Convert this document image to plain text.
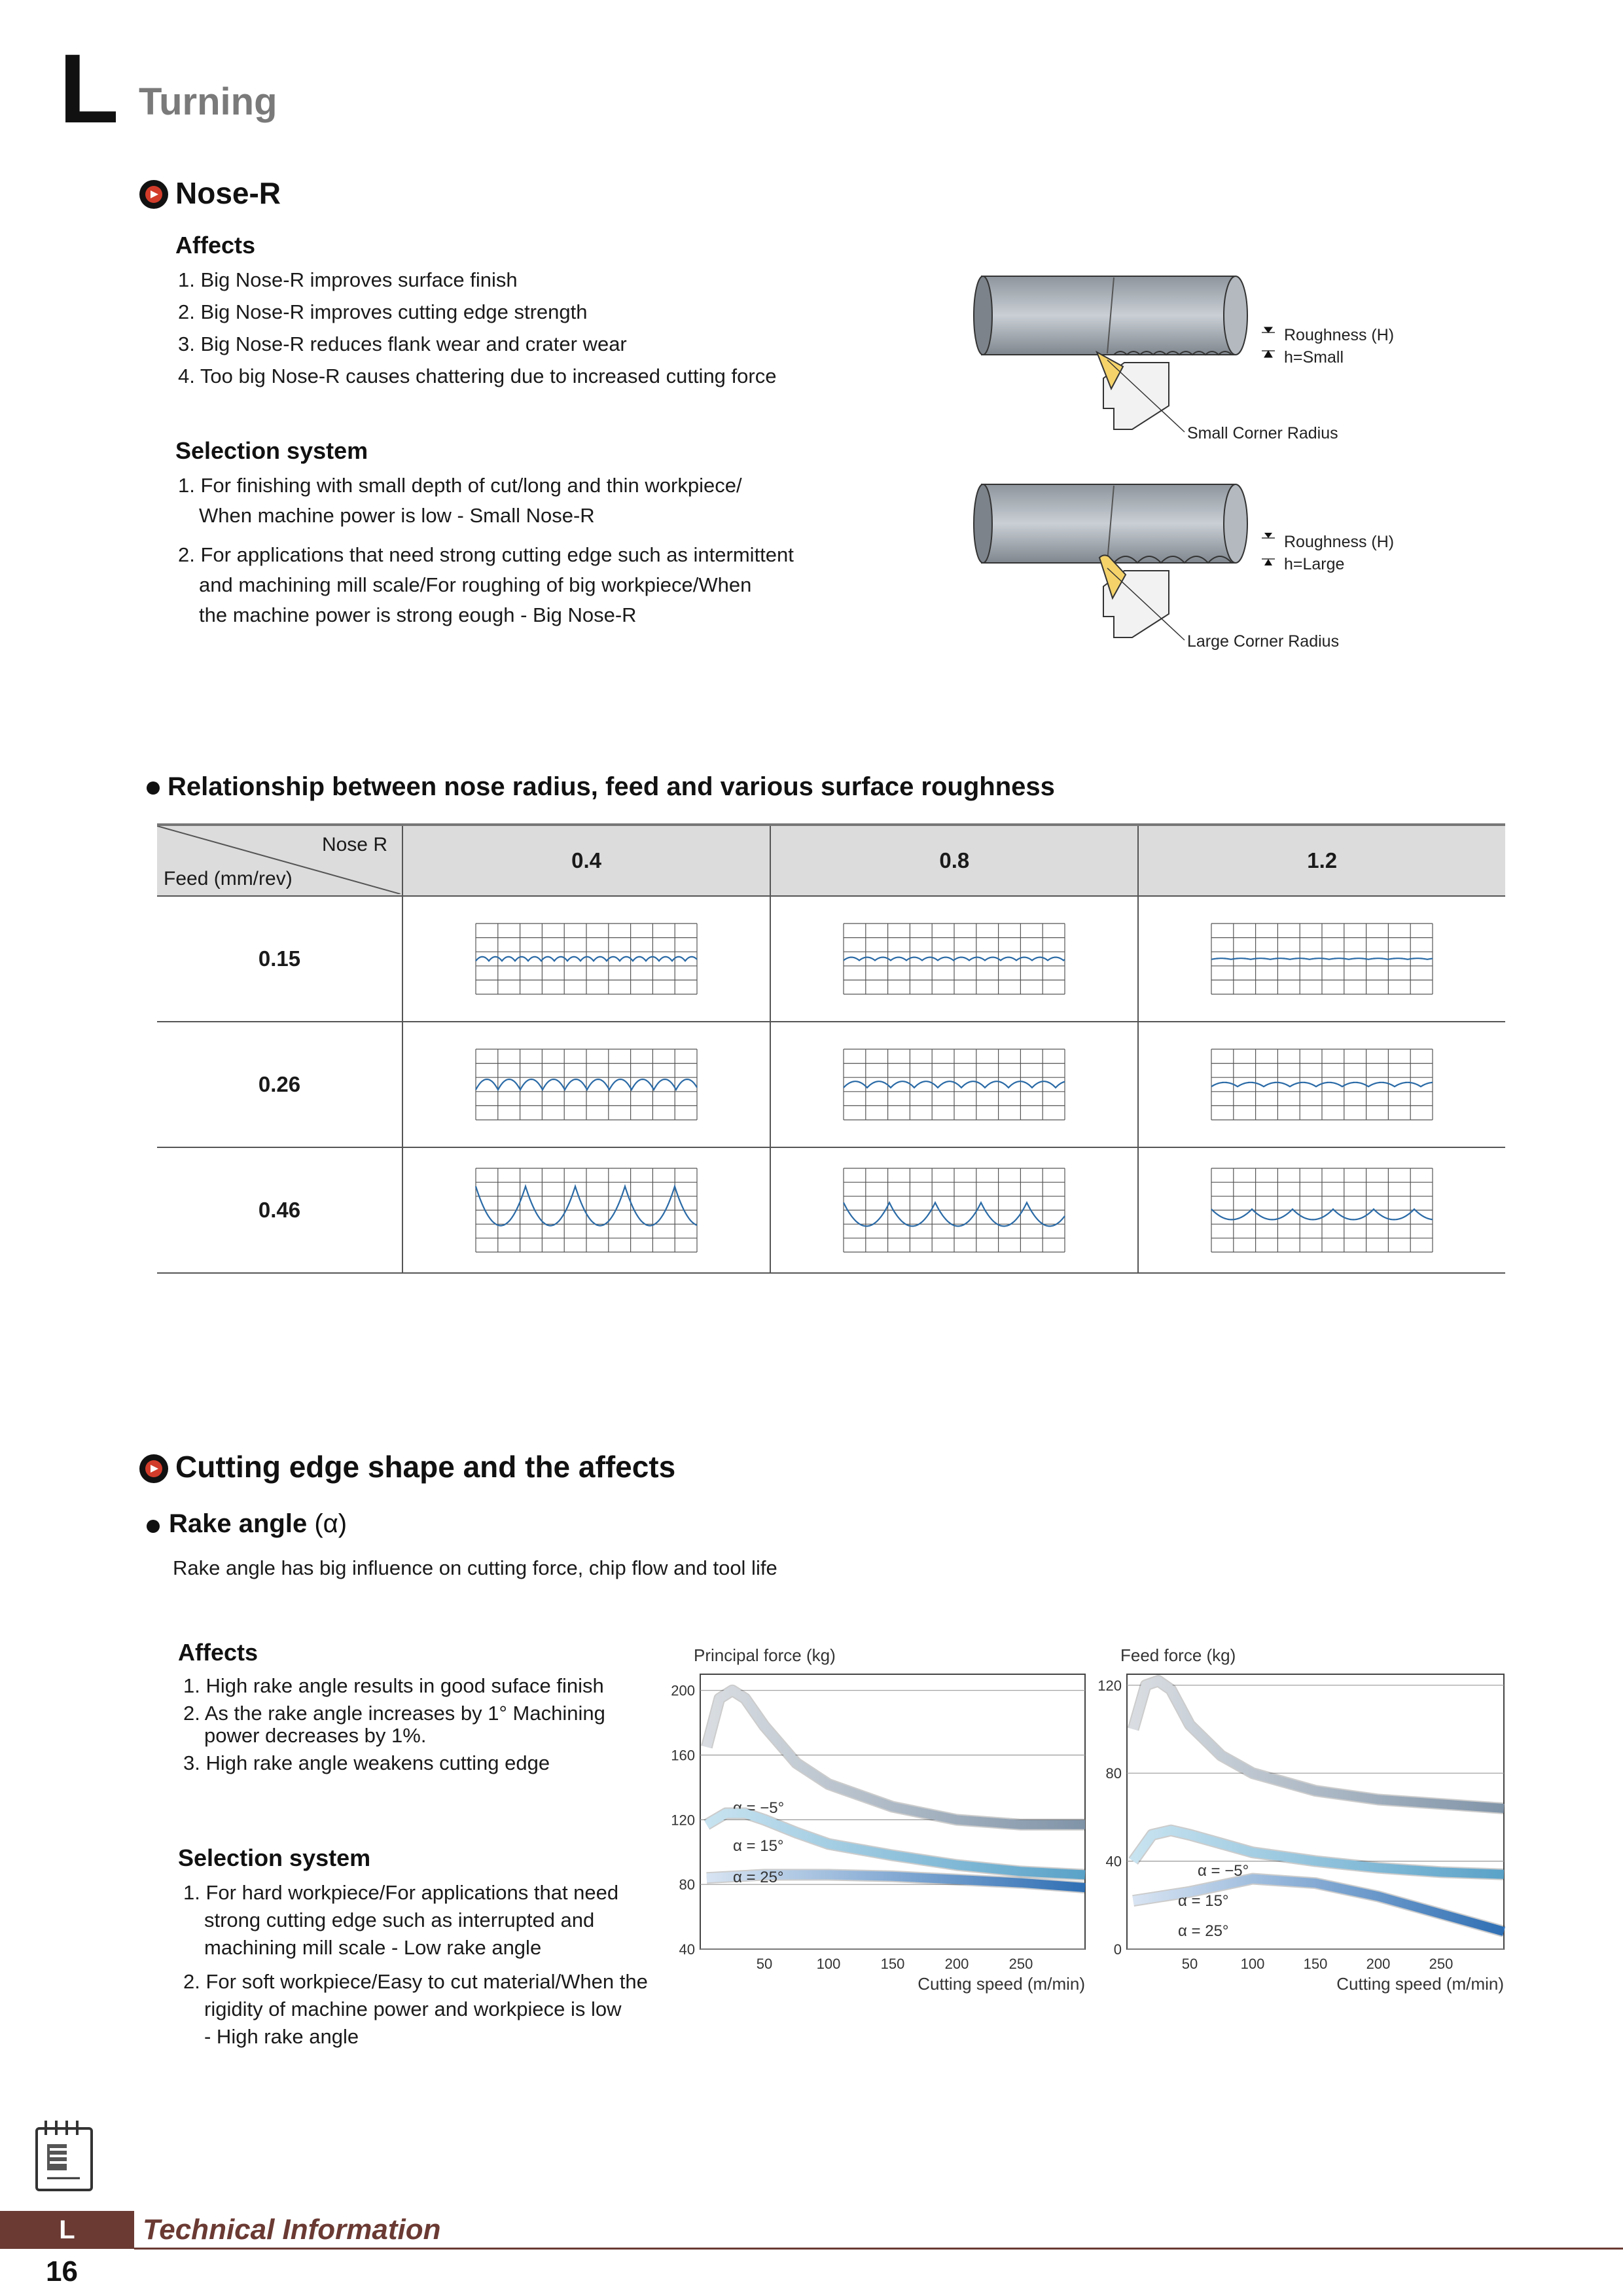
L Turning
Nose-R
Affects
1. Big Nose-R improves surface finish
2. Big Nose-R improves cutting edge strength
3. Big Nose-R reduces flank wear and crater wear
4. Too big Nose-R causes chattering due to increased cutting force
Selection system
1. For finishing with small depth of cut/long and thin workpiece/
When machine power is low - Small Nose-R
2. For applications that need strong cutting edge such as intermittent
and machining mill scale/For roughing of big workpiece/When
the machine power is strong eough - Big Nose-R
Roughness (H)
h=Small
Small Corner Radius
Roughness (H)
h=Large
Large Corner Radius
Relationship between nose radius, feed and various surface roughness
Nose R
Feed (mm/rev)	0.4	0.8	1.2
0.15	

0.26	

0.46	

Cutting edge shape and the affects
Rake angle (α)
Rake angle has big influence on cutting force, chip flow and tool life
Affects
1. High rake angle results in good suface finish
2. As the rake angle increases by 1° Machining
power decreases by 1%.
3. High rake angle weakens cutting edge
Selection system
1. For hard workpiece/For applications that need
strong cutting edge such as interrupted and
machining mill scale - Low rake angle
2. For soft workpiece/Easy to cut material/When the
rigidity of machine power and workpiece is low
- High rake angle
Principal force (kg)
40
80
120
160
200
50	100	150	200	250
Cutting speed (m/min)
α = −5°
α = 15°
α = 25°
Feed force (kg)
0
40
80
120
50	100	150	200	250
Cutting speed (m/min)
α = −5°
α = 15°
α = 25°
L	Technical Information
16
